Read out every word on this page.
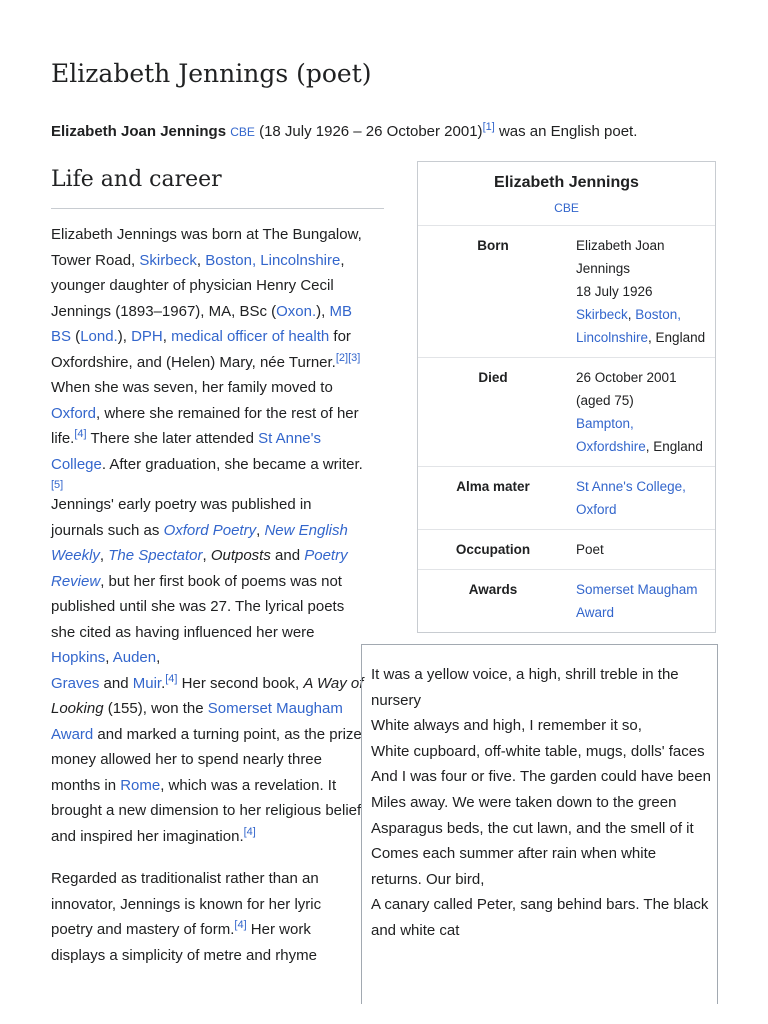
Elizabeth Jennings (poet)

Elizabeth Joan Jennings CBE (18 July 1926 – 26 October 2001)[1] was an English poet.

Life and career

Elizabeth Jennings was born at The Bungalow, Tower Road, Skirbeck, Boston, Lincolnshire, younger daughter of physician Henry Cecil Jennings (1893–1967), MA, BSc (Oxon.), MB BS (Lond.), DPH, medical officer of health for Oxfordshire, and (Helen) Mary, née Turner.[2][3] When she was seven, her family moved to Oxford, where she remained for the rest of her life.[4] There she later attended St Anne's College. After graduation, she became a writer.[5]

Jennings' early poetry was published in journals such as Oxford Poetry, New English Weekly, The Spectator, Outposts and Poetry Review, but her first book of poems was not published until she was 27. The lyrical poets she cited as having influenced her were Hopkins, Auden,
Graves and Muir.[4] Her second book, A Way of Looking (155), won the Somerset Maugham Award and marked a turning point, as the prize money allowed her to spend nearly three months in Rome, which was a revelation. It brought a new dimension to her religious belief and inspired her imagination.[4]

Regarded as traditionalist rather than an innovator, Jennings is known for her lyric poetry and mastery of form.[4] Her work displays a simplicity of metre and rhyme

Elizabeth Jennings
CBE
Born	Elizabeth Joan Jennings
18 July 1926
Skirbeck, Boston, Lincolnshire, England
Died	26 October 2001
(aged 75)
Bampton, Oxfordshire, England
Alma mater	St Anne's College, Oxford
Occupation	Poet
Awards	Somerset Maugham Award
It was a yellow voice, a high, shrill treble in the nursery
White always and high, I remember it so,
White cupboard, off-white table, mugs, dolls' faces
And I was four or five. The garden could have been Miles away. We were taken down to the green
Asparagus beds, the cut lawn, and the smell of it
Comes each summer after rain when white returns. Our bird,
A canary called Peter, sang behind bars. The black and white cat
